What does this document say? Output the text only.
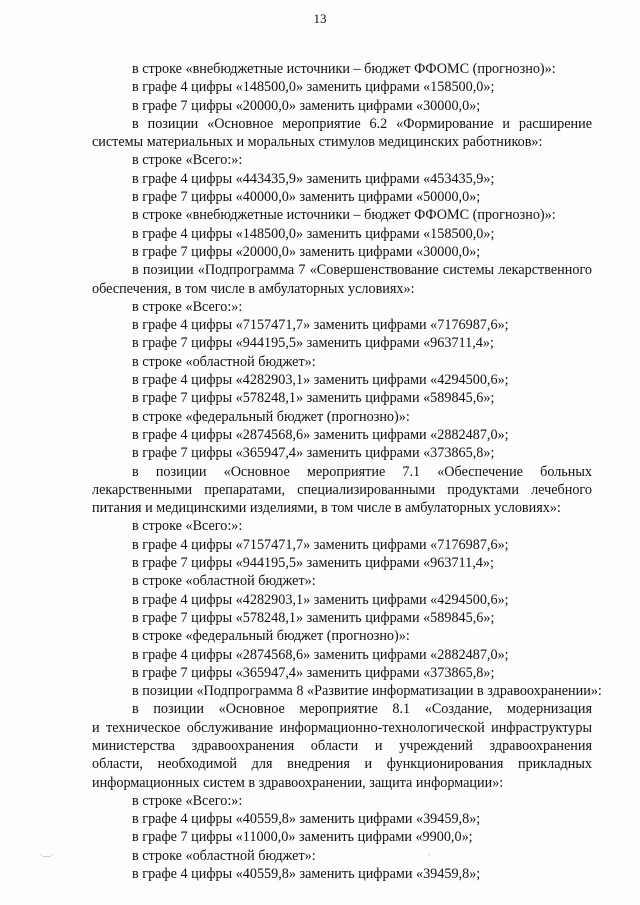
13
в строке «внебюджетные источники – бюджет ФФОМС (прогнозно)»:
в графе 4 цифры «148500,0» заменить цифрами «158500,0»;
в графе 7 цифры «20000,0» заменить цифрами «30000,0»;
в позиции «Основное мероприятие 6.2 «Формирование и расширение
системы материальных и моральных стимулов медицинских работников»:
в строке «Всего:»:
в графе 4 цифры «443435,9» заменить цифрами «453435,9»;
в графе 7 цифры «40000,0» заменить цифрами «50000,0»;
в строке «внебюджетные источники – бюджет ФФОМС (прогнозно)»:
в графе 4 цифры «148500,0» заменить цифрами «158500,0»;
в графе 7 цифры «20000,0» заменить цифрами «30000,0»;
в позиции «Подпрограмма 7 «Совершенствование системы лекарственного
обеспечения, в том числе в амбулаторных условиях»:
в строке «Всего:»:
в графе 4 цифры «7157471,7» заменить цифрами «7176987,6»;
в графе 7 цифры «944195,5» заменить цифрами «963711,4»;
в строке «областной бюджет»:
в графе 4 цифры «4282903,1» заменить цифрами «4294500,6»;
в графе 7 цифры «578248,1» заменить цифрами «589845,6»;
в строке «федеральный бюджет (прогнозно)»:
в графе 4 цифры «2874568,6» заменить цифрами «2882487,0»;
в графе 7 цифры «365947,4» заменить цифрами «373865,8»;
в позиции «Основное мероприятие 7.1 «Обеспечение больных
лекарственными препаратами, специализированными продуктами лечебного
питания и медицинскими изделиями, в том числе в амбулаторных условиях»:
в строке «Всего:»:
в графе 4 цифры «7157471,7» заменить цифрами «7176987,6»;
в графе 7 цифры «944195,5» заменить цифрами «963711,4»;
в строке «областной бюджет»:
в графе 4 цифры «4282903,1» заменить цифрами «4294500,6»;
в графе 7 цифры «578248,1» заменить цифрами «589845,6»;
в строке «федеральный бюджет (прогнозно)»:
в графе 4 цифры «2874568,6» заменить цифрами «2882487,0»;
в графе 7 цифры «365947,4» заменить цифрами «373865,8»;
в позиции «Подпрограмма 8 «Развитие информатизации в здравоохранении»:
в позиции «Основное мероприятие 8.1 «Создание, модернизация
и техническое обслуживание информационно-технологической инфраструктуры
министерства здравоохранения области и учреждений здравоохранения
области, необходимой для внедрения и функционирования прикладных
информационных систем в здравоохранении, защита информации»:
в строке «Всего:»:
в графе 4 цифры «40559,8» заменить цифрами «39459,8»;
в графе 7 цифры «11000,0» заменить цифрами «9900,0»;
в строке «областной бюджет»:
в графе 4 цифры «40559,8» заменить цифрами «39459,8»;
·—·	·
